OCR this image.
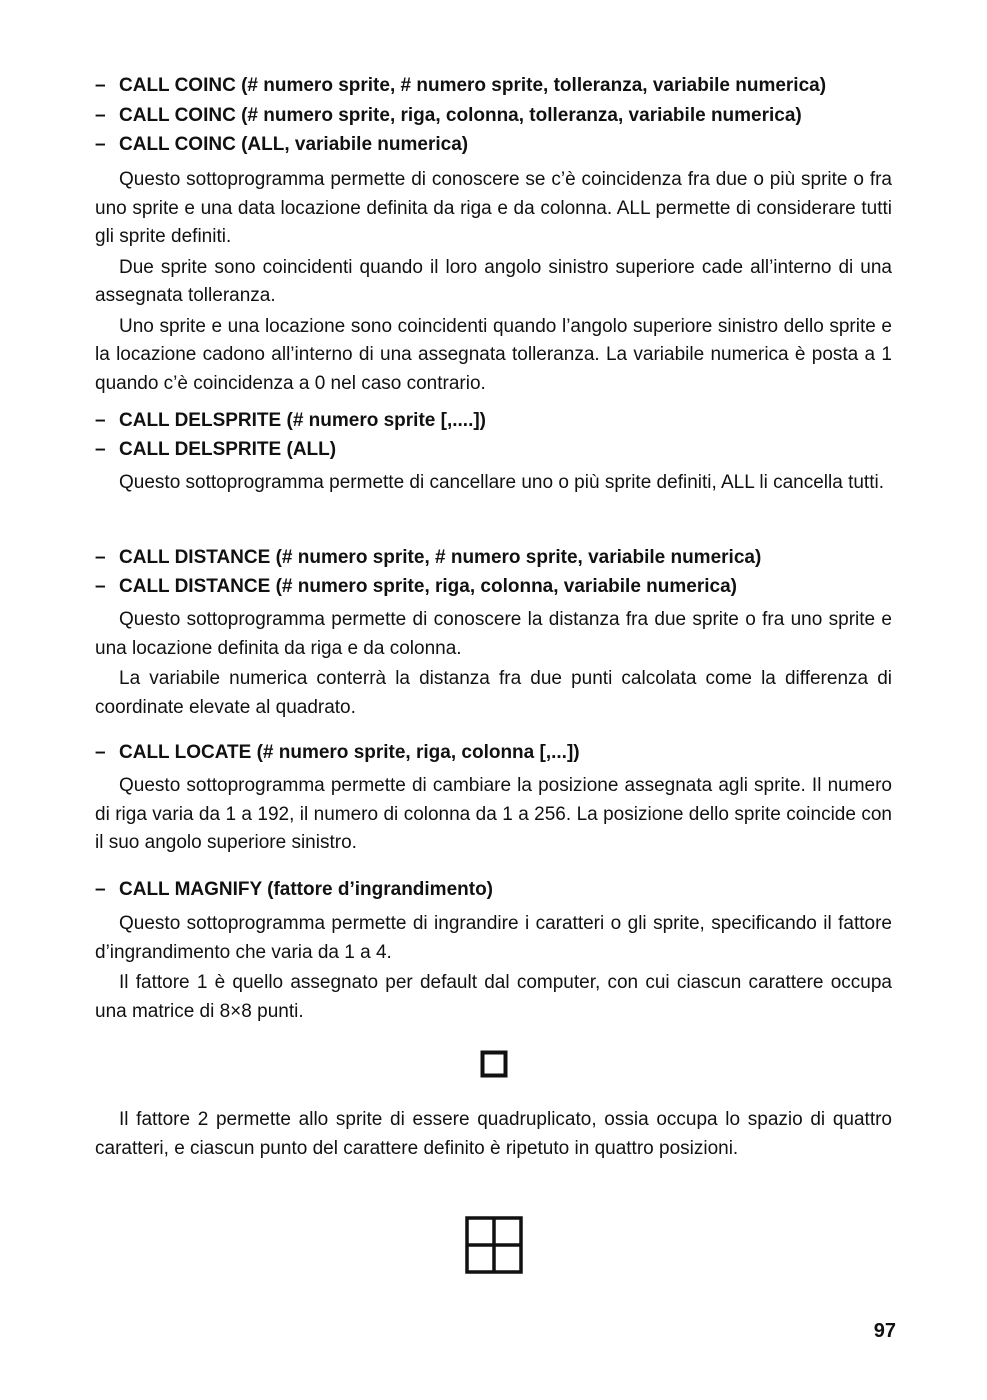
– CALL COINC (# numero sprite, # numero sprite, tolleranza, variabile numerica)
– CALL COINC (# numero sprite, riga, colonna, tolleranza, variabile numerica)
– CALL COINC (ALL, variabile numerica)

Questo sottoprogramma permette di conoscere se c’è coincidenza fra due o più sprite o fra uno sprite e una data locazione definita da riga e da colonna. ALL permette di considerare tutti gli sprite definiti.

Due sprite sono coincidenti quando il loro angolo sinistro superiore cade all’interno di una assegnata tolleranza.

Uno sprite e una locazione sono coincidenti quando l’angolo superiore sinistro dello sprite e la locazione cadono all’interno di una assegnata tolleranza. La variabile numerica è posta a 1 quando c’è coincidenza a 0 nel caso contrario.

– CALL DELSPRITE (# numero sprite [,....])
– CALL DELSPRITE (ALL)

Questo sottoprogramma permette di cancellare uno o più sprite definiti, ALL li cancella tutti.

– CALL DISTANCE (# numero sprite, # numero sprite, variabile numerica)
– CALL DISTANCE (# numero sprite, riga, colonna, variabile numerica)

Questo sottoprogramma permette di conoscere la distanza fra due sprite o fra uno sprite e una locazione definita da riga e da colonna.

La variabile numerica conterrà la distanza fra due punti calcolata come la differenza di coordinate elevate al quadrato.

– CALL LOCATE (# numero sprite, riga, colonna [,...])

Questo sottoprogramma permette di cambiare la posizione assegnata agli sprite. Il numero di riga varia da 1 a 192, il numero di colonna da 1 a 256. La posizione dello sprite coincide con il suo angolo superiore sinistro.

– CALL MAGNIFY (fattore d’ingrandimento)

Questo sottoprogramma permette di ingrandire i caratteri o gli sprite, specificando il fattore d’ingrandimento che varia da 1 a 4.

Il fattore 1 è quello assegnato per default dal computer, con cui ciascun carattere occupa una matrice di 8×8 punti.

Il fattore 2 permette allo sprite di essere quadruplicato, ossia occupa lo spazio di quattro caratteri, e ciascun punto del carattere definito è ripetuto in quattro posizioni.

97
